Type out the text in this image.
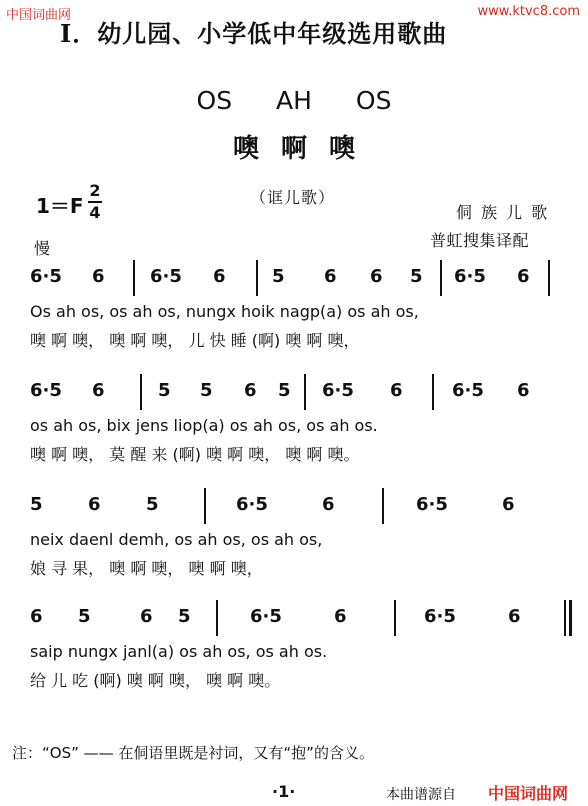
中国词曲网	www.ktvc8.com
Ⅰ．幼儿园、小学低中年级选用歌曲
OS AH OS
噢啊噢
1＝F
2
4
（诓儿歌）
侗 族 儿 歌
普虹搜集译配
慢
6·5 6	6·5 6	5 6 6 5 6·5 6
Os ah os, os ah os, nungx hoik nagp(a) os ah os,
噢 啊 噢， 噢 啊 噢， 儿 快 睡 (啊) 噢 啊 噢，
6·5 6	5 5 6 5 6·5 6	6·5 6
os ah os, bix jens liop(a) os ah os, os ah os.
噢 啊 噢， 莫 醒 来 (啊) 噢 啊 噢， 噢 啊 噢。
5	6	5	6·5	6	6·5	6
neix daenl demh, os ah os, os ah os,
娘 寻 果， 噢 啊 噢， 噢 啊 噢，
6 5	6 5	6·5	6	6·5	6
saip nungx janl(a) os ah os, os ah os.
给 儿 吃 (啊) 噢 啊 噢， 噢 啊 噢。
注：“OS” —— 在侗语里既是衬词，又有“抱”的含义。
·1·	本曲谱源自 中国词曲网
